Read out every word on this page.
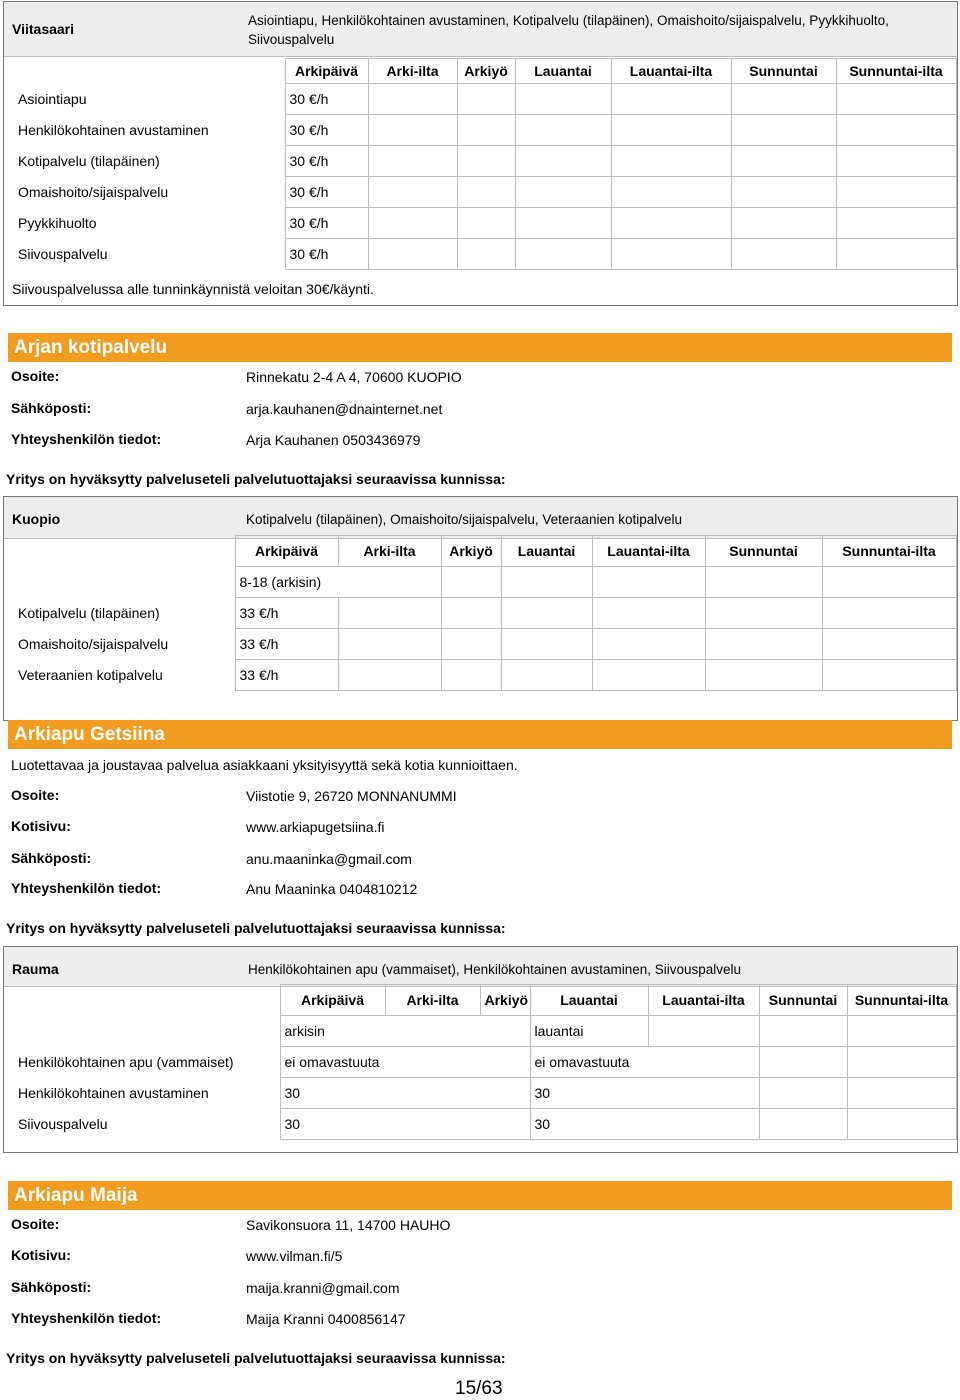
Viitasaari
Asiointiapu, Henkilökohtainen avustaminen, Kotipalvelu (tilapäinen), Omaishoito/sijaispalvelu, Pyykkihuolto, Siivouspalvelu
	Arkipäivä	Arki-ilta	Arkiyö	Lauantai	Lauantai-ilta	Sunnuntai	Sunnuntai-ilta
Asiointiapu	30 €/h						
Henkilökohtainen avustaminen	30 €/h						
Kotipalvelu (tilapäinen)	30 €/h						
Omaishoito/sijaispalvelu	30 €/h						
Pyykkihuolto	30 €/h						
Siivouspalvelu	30 €/h						
Siivouspalvelussa alle tunninkäynnistä veloitan 30€/käynti.
Arjan kotipalvelu
Osoite:	Rinnekatu 2-4 A 4, 70600 KUOPIO
Sähköposti:	arja.kauhanen@dnainternet.net
Yhteyshenkilön tiedot:	Arja Kauhanen 0503436979
Yritys on hyväksytty palveluseteli palvelutuottajaksi seuraavissa kunnissa:
Kuopio	Kotipalvelu (tilapäinen), Omaishoito/sijaispalvelu, Veteraanien kotipalvelu
	Arkipäivä	Arki-ilta	Arkiyö	Lauantai	Lauantai-ilta	Sunnuntai	Sunnuntai-ilta
	8-18 (arkisin)						
Kotipalvelu (tilapäinen)	33 €/h						
Omaishoito/sijaispalvelu	33 €/h						
Veteraanien kotipalvelu	33 €/h						
Arkiapu Getsiina
Luotettavaa ja joustavaa palvelua asiakkaani yksityisyyttä sekä kotia kunnioittaen.
Osoite:	Viistotie 9, 26720 MONNANUMMI
Kotisivu:	www.arkiapugetsiina.fi
Sähköposti:	anu.maaninka@gmail.com
Yhteyshenkilön tiedot:	Anu Maaninka 0404810212
Yritys on hyväksytty palveluseteli palvelutuottajaksi seuraavissa kunnissa:
Rauma	Henkilökohtainen apu (vammaiset), Henkilökohtainen avustaminen, Siivouspalvelu
	Arkipäivä	Arki-ilta	Arkiyö	Lauantai	Lauantai-ilta	Sunnuntai	Sunnuntai-ilta
	arkisin			lauantai			
Henkilökohtainen apu (vammaiset)	ei omavastuuta			ei omavastuuta			
Henkilökohtainen avustaminen	30			30			
Siivouspalvelu	30			30			
Arkiapu Maija
Osoite:	Savikonsuora 11, 14700 HAUHO
Kotisivu:	www.vilman.fi/5
Sähköposti:	maija.kranni@gmail.com
Yhteyshenkilön tiedot:	Maija Kranni 0400856147
Yritys on hyväksytty palveluseteli palvelutuottajaksi seuraavissa kunnissa:
15/63
